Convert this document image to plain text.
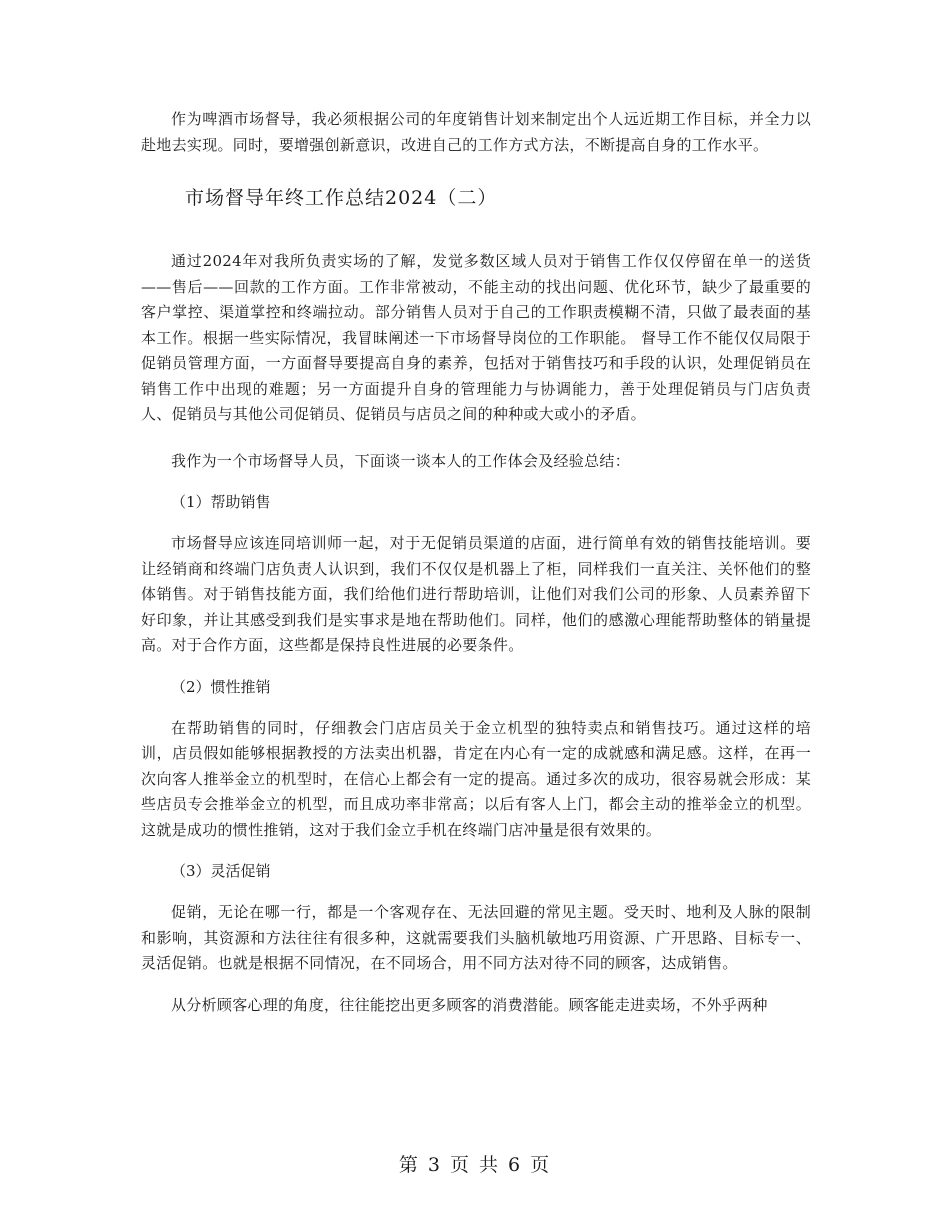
作为啤酒市场督导，我必须根据公司的年度销售计划来制定出个人远近期工作目标，并全力以赴地去实现。同时，要增强创新意识，改进自己的工作方式方法，不断提高自身的工作水平。

市场督导年终工作总结2024（二）

通过2024年对我所负责实场的了解，发觉多数区域人员对于销售工作仅仅停留在单一的送货——售后——回款的工作方面。工作非常被动，不能主动的找出问题、优化环节，缺少了最重要的客户掌控、渠道掌控和终端拉动。部分销售人员对于自己的工作职责模糊不清，只做了最表面的基本工作。根据一些实际情况，我冒昧阐述一下市场督导岗位的工作职能。 督导工作不能仅仅局限于促销员管理方面，一方面督导要提高自身的素养，包括对于销售技巧和手段的认识，处理促销员在销售工作中出现的难题；另一方面提升自身的管理能力与协调能力，善于处理促销员与门店负责人、促销员与其他公司促销员、促销员与店员之间的种种或大或小的矛盾。

我作为一个市场督导人员，下面谈一谈本人的工作体会及经验总结：

（1）帮助销售

市场督导应该连同培训师一起，对于无促销员渠道的店面，进行简单有效的销售技能培训。要让经销商和终端门店负责人认识到，我们不仅仅是机器上了柜，同样我们一直关注、关怀他们的整体销售。对于销售技能方面，我们给他们进行帮助培训，让他们对我们公司的形象、人员素养留下好印象，并让其感受到我们是实事求是地在帮助他们。同样，他们的感激心理能帮助整体的销量提高。对于合作方面，这些都是保持良性进展的必要条件。

（2）惯性推销

在帮助销售的同时，仔细教会门店店员关于金立机型的独特卖点和销售技巧。通过这样的培训，店员假如能够根据教授的方法卖出机器，肯定在内心有一定的成就感和满足感。这样，在再一次向客人推举金立的机型时，在信心上都会有一定的提高。通过多次的成功，很容易就会形成：某些店员专会推举金立的机型，而且成功率非常高；以后有客人上门，都会主动的推举金立的机型。这就是成功的惯性推销，这对于我们金立手机在终端门店冲量是很有效果的。

（3）灵活促销

促销，无论在哪一行，都是一个客观存在、无法回避的常见主题。受天时、地利及人脉的限制和影响，其资源和方法往往有很多种，这就需要我们头脑机敏地巧用资源、广开思路、目标专一、灵活促销。也就是根据不同情况，在不同场合，用不同方法对待不同的顾客，达成销售。

从分析顾客心理的角度，往往能挖出更多顾客的消费潜能。顾客能走进卖场，不外乎两种

第 3 页 共 6 页
